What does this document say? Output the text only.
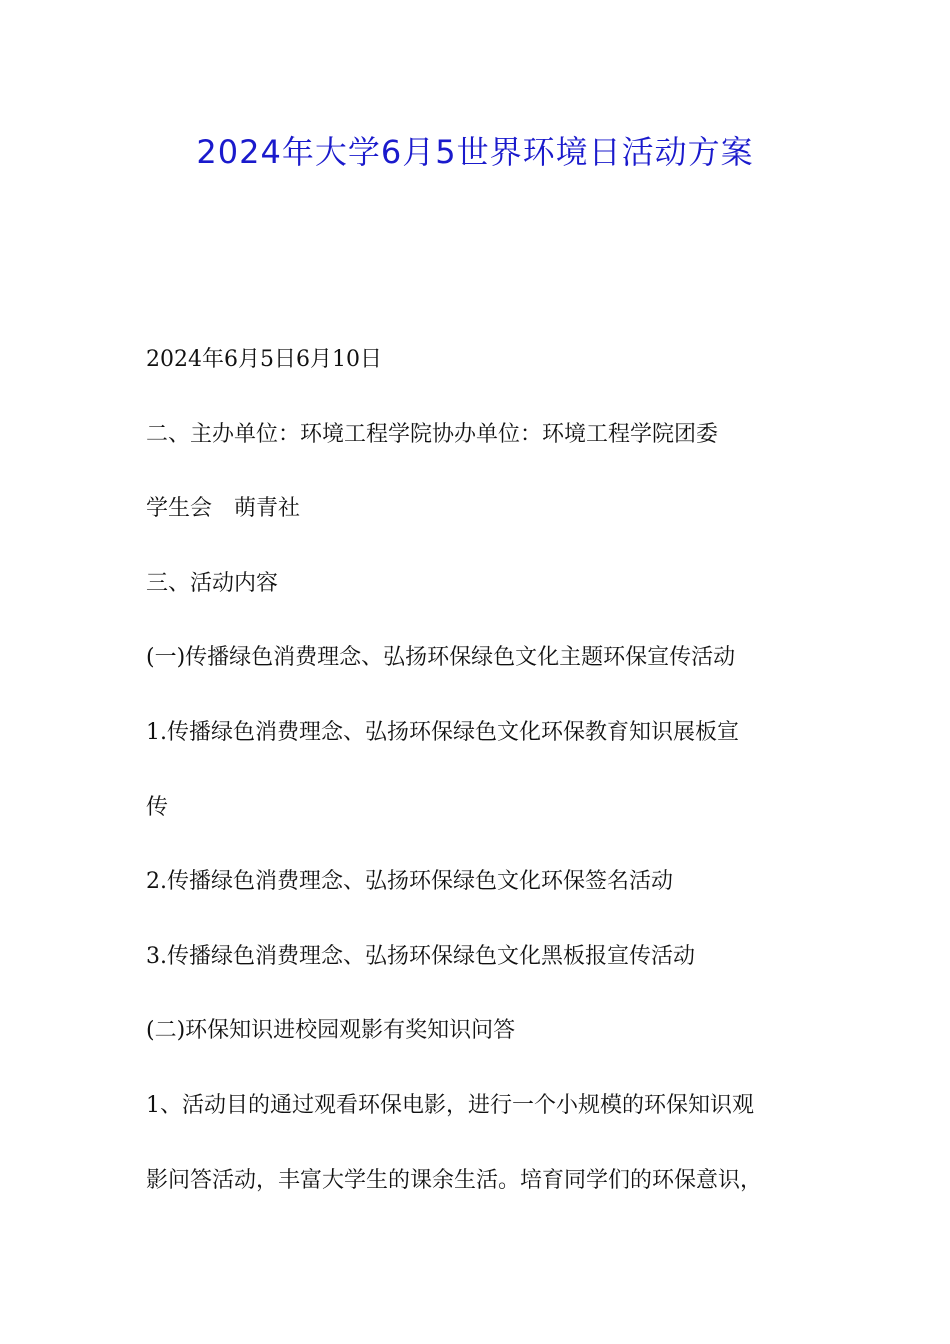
2024年大学6月5世界环境日活动方案
2024年6月5日6月10日
二、主办单位：环境工程学院协办单位：环境工程学院团委
学生会　萌青社
三、活动内容
(一)传播绿色消费理念、弘扬环保绿色文化主题环保宣传活动
1.传播绿色消费理念、弘扬环保绿色文化环保教育知识展板宣
传
2.传播绿色消费理念、弘扬环保绿色文化环保签名活动
3.传播绿色消费理念、弘扬环保绿色文化黑板报宣传活动
(二)环保知识进校园观影有奖知识问答
1、活动目的通过观看环保电影，进行一个小规模的环保知识观
影问答活动，丰富大学生的课余生活。培育同学们的环保意识，
